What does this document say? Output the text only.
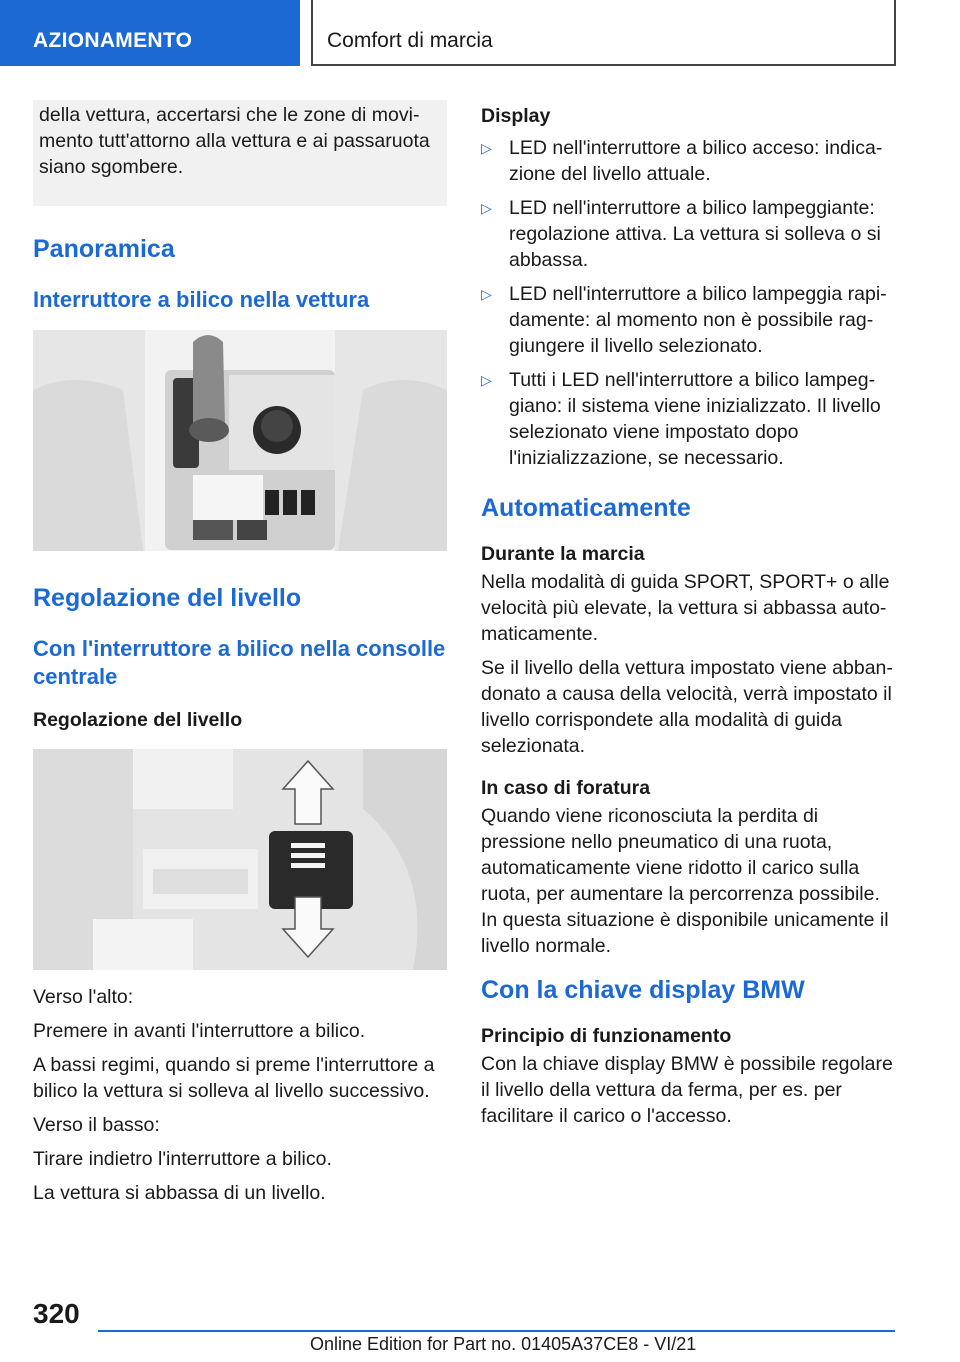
AZIONAMENTO	Comfort di marcia
della vettura, accertarsi che le zone di movimento tutt'attorno alla vettura e ai passaruota siano sgombere.
Panoramica
Interruttore a bilico nella vettura
Regolazione del livello
Con l'interruttore a bilico nella consolle centrale
Regolazione del livello
Verso l'alto:
Premere in avanti l'interruttore a bilico.
A bassi regimi, quando si preme l'interruttore a bilico la vettura si solleva al livello successivo.
Verso il basso:
Tirare indietro l'interruttore a bilico.
La vettura si abbassa di un livello.
Display
▷ LED nell'interruttore a bilico acceso: indicazione del livello attuale.
▷ LED nell'interruttore a bilico lampeggiante: regolazione attiva. La vettura si solleva o si abbassa.
▷ LED nell'interruttore a bilico lampeggia rapidamente: al momento non è possibile raggiungere il livello selezionato.
▷ Tutti i LED nell'interruttore a bilico lampeggiano: il sistema viene inizializzato. Il livello selezionato viene impostato dopo l'inizializzazione, se necessario.
Automaticamente
Durante la marcia
Nella modalità di guida SPORT, SPORT+ o alle velocità più elevate, la vettura si abbassa automaticamente.
Se il livello della vettura impostato viene abbandonato a causa della velocità, verrà impostato il livello corrispondete alla modalità di guida selezionata.
In caso di foratura
Quando viene riconosciuta la perdita di pressione nello pneumatico di una ruota, automaticamente viene ridotto il carico sulla ruota, per aumentare la percorrenza possibile. In questa situazione è disponibile unicamente il livello normale.
Con la chiave display BMW
Principio di funzionamento
Con la chiave display BMW è possibile regolare il livello della vettura da ferma, per es. per facilitare il carico o l'accesso.
320
Online Edition for Part no. 01405A37CE8 - VI/21
